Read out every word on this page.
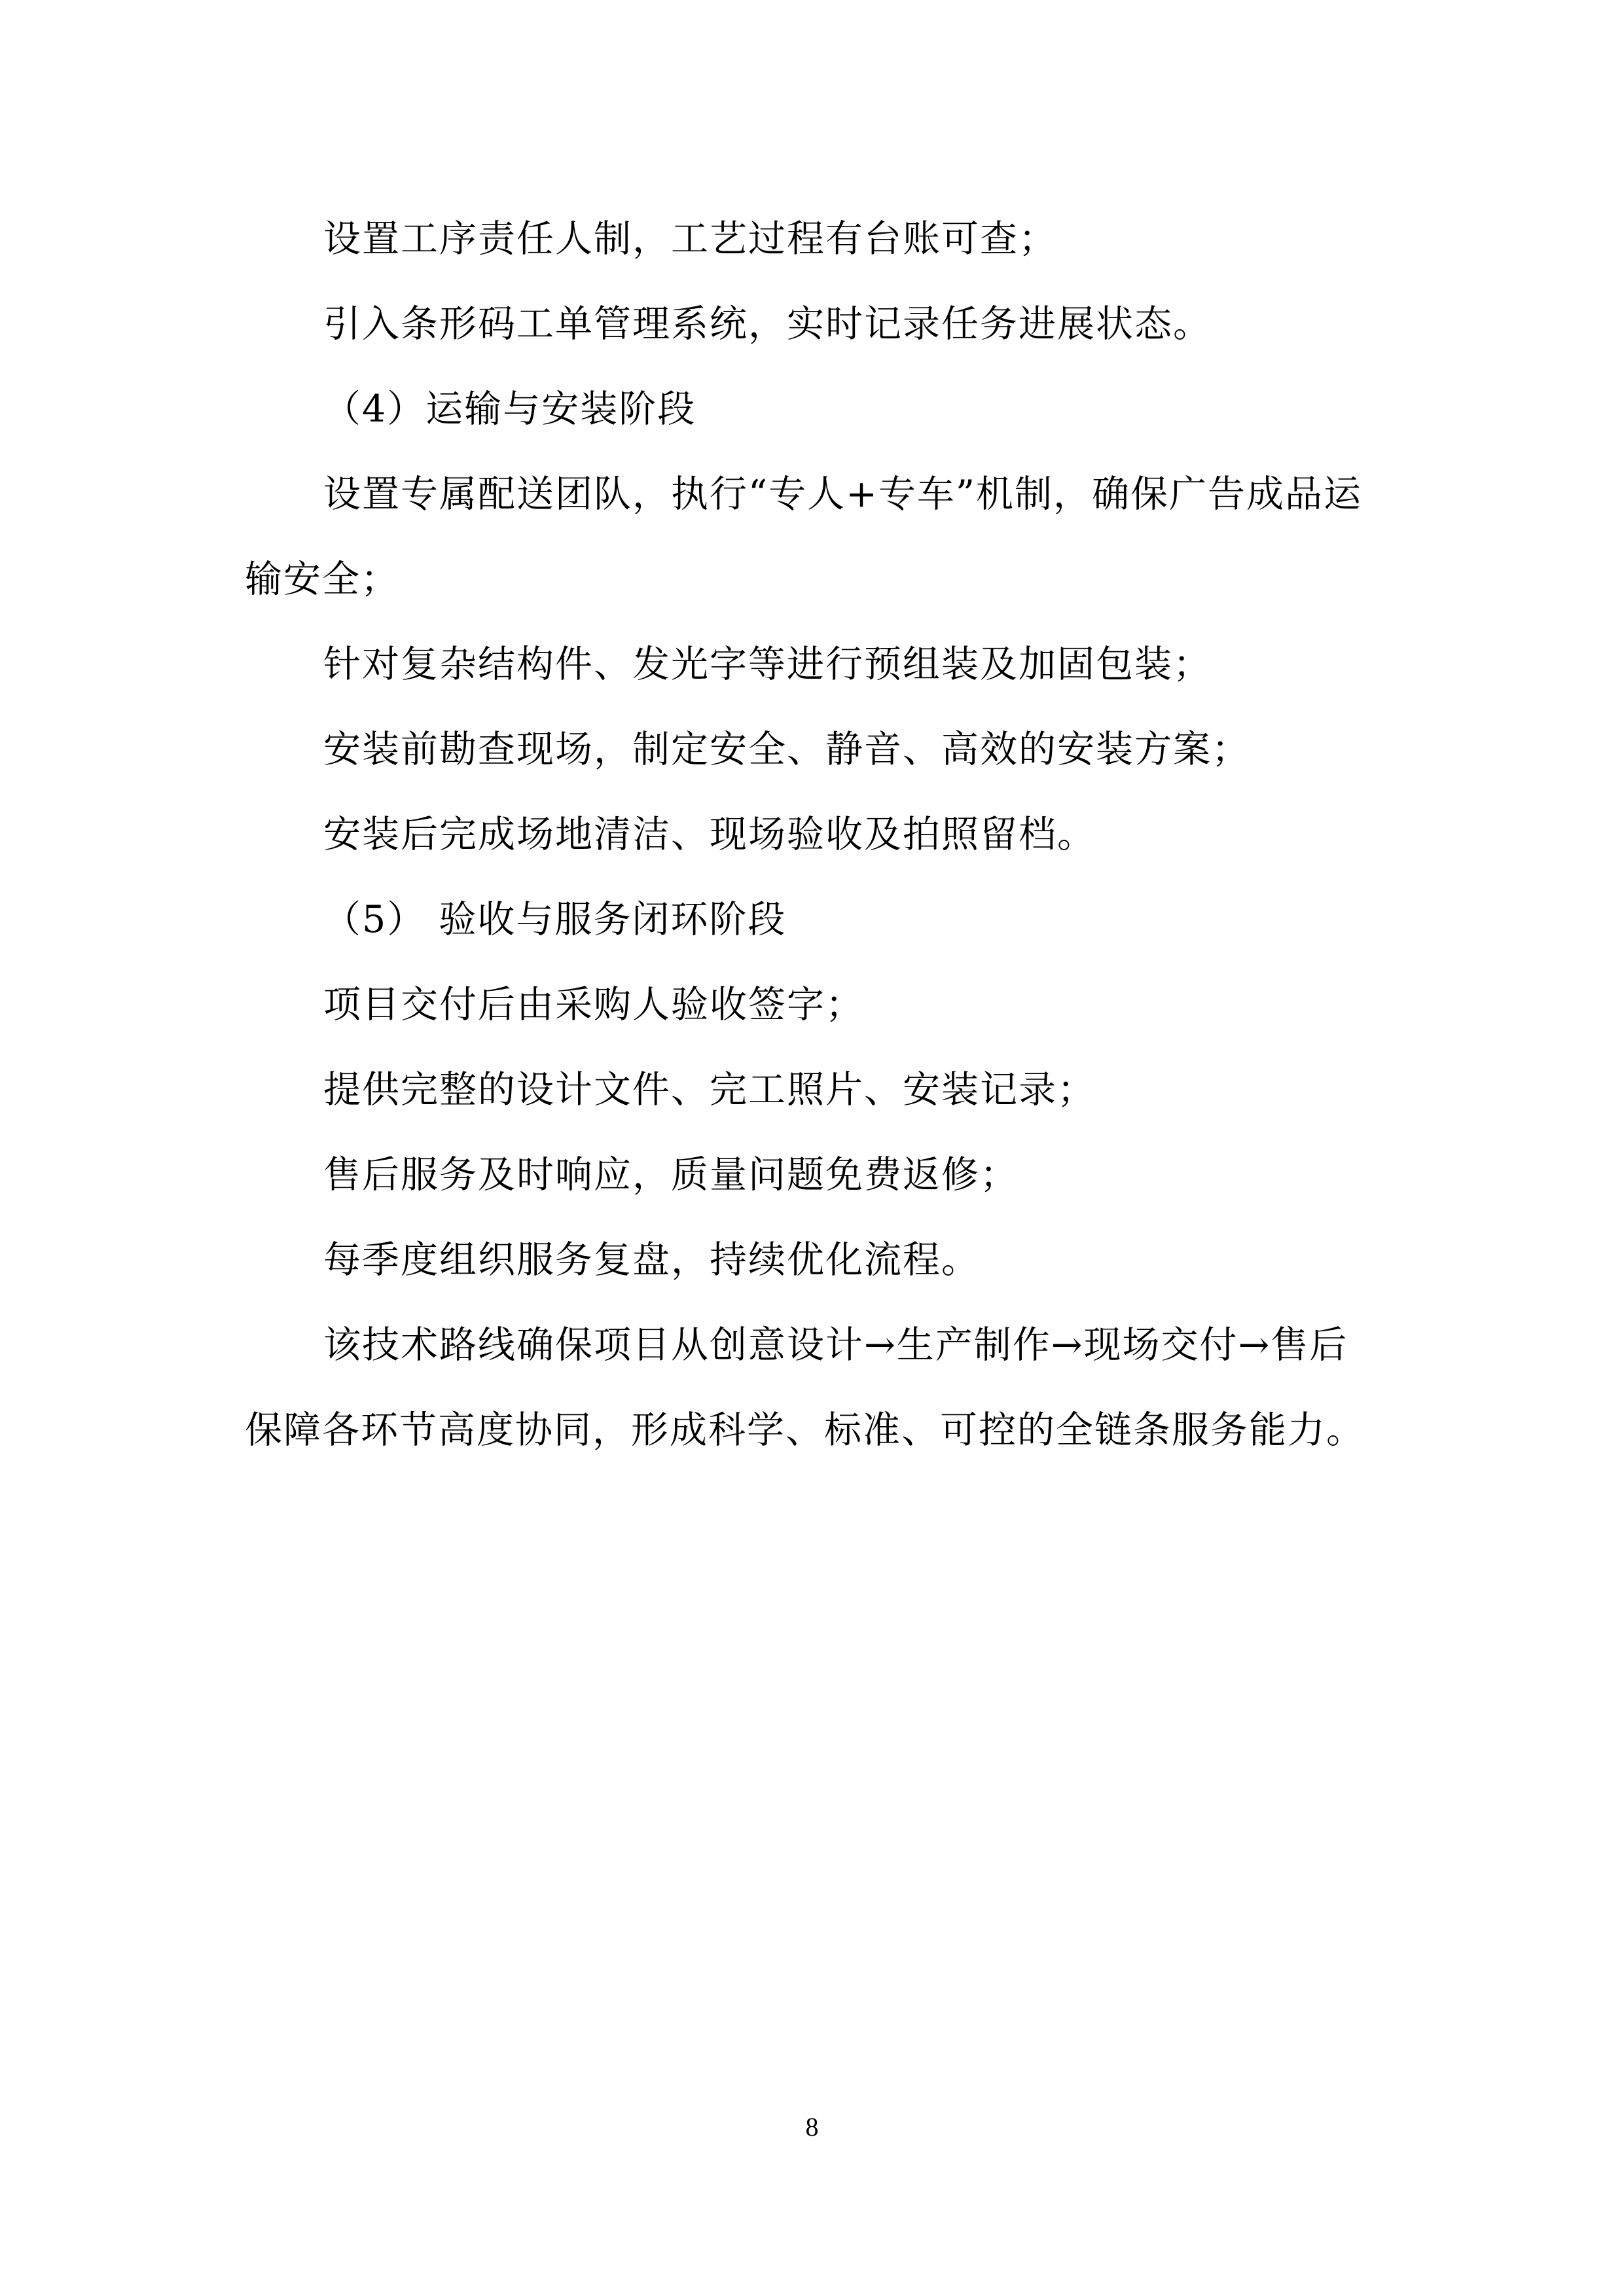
设置工序责任人制，工艺过程有台账可查；

引入条形码工单管理系统，实时记录任务进展状态。

（4）运输与安装阶段

设置专属配送团队，执行“专人+专车”机制，确保广告成品运输安全；

针对复杂结构件、发光字等进行预组装及加固包装；

安装前勘查现场，制定安全、静音、高效的安装方案；

安装后完成场地清洁、现场验收及拍照留档。

（5） 验收与服务闭环阶段

项目交付后由采购人验收签字；

提供完整的设计文件、完工照片、安装记录；

售后服务及时响应，质量问题免费返修；

每季度组织服务复盘，持续优化流程。

该技术路线确保项目从创意设计→生产制作→现场交付→售后保障各环节高度协同，形成科学、标准、可控的全链条服务能力。

8
